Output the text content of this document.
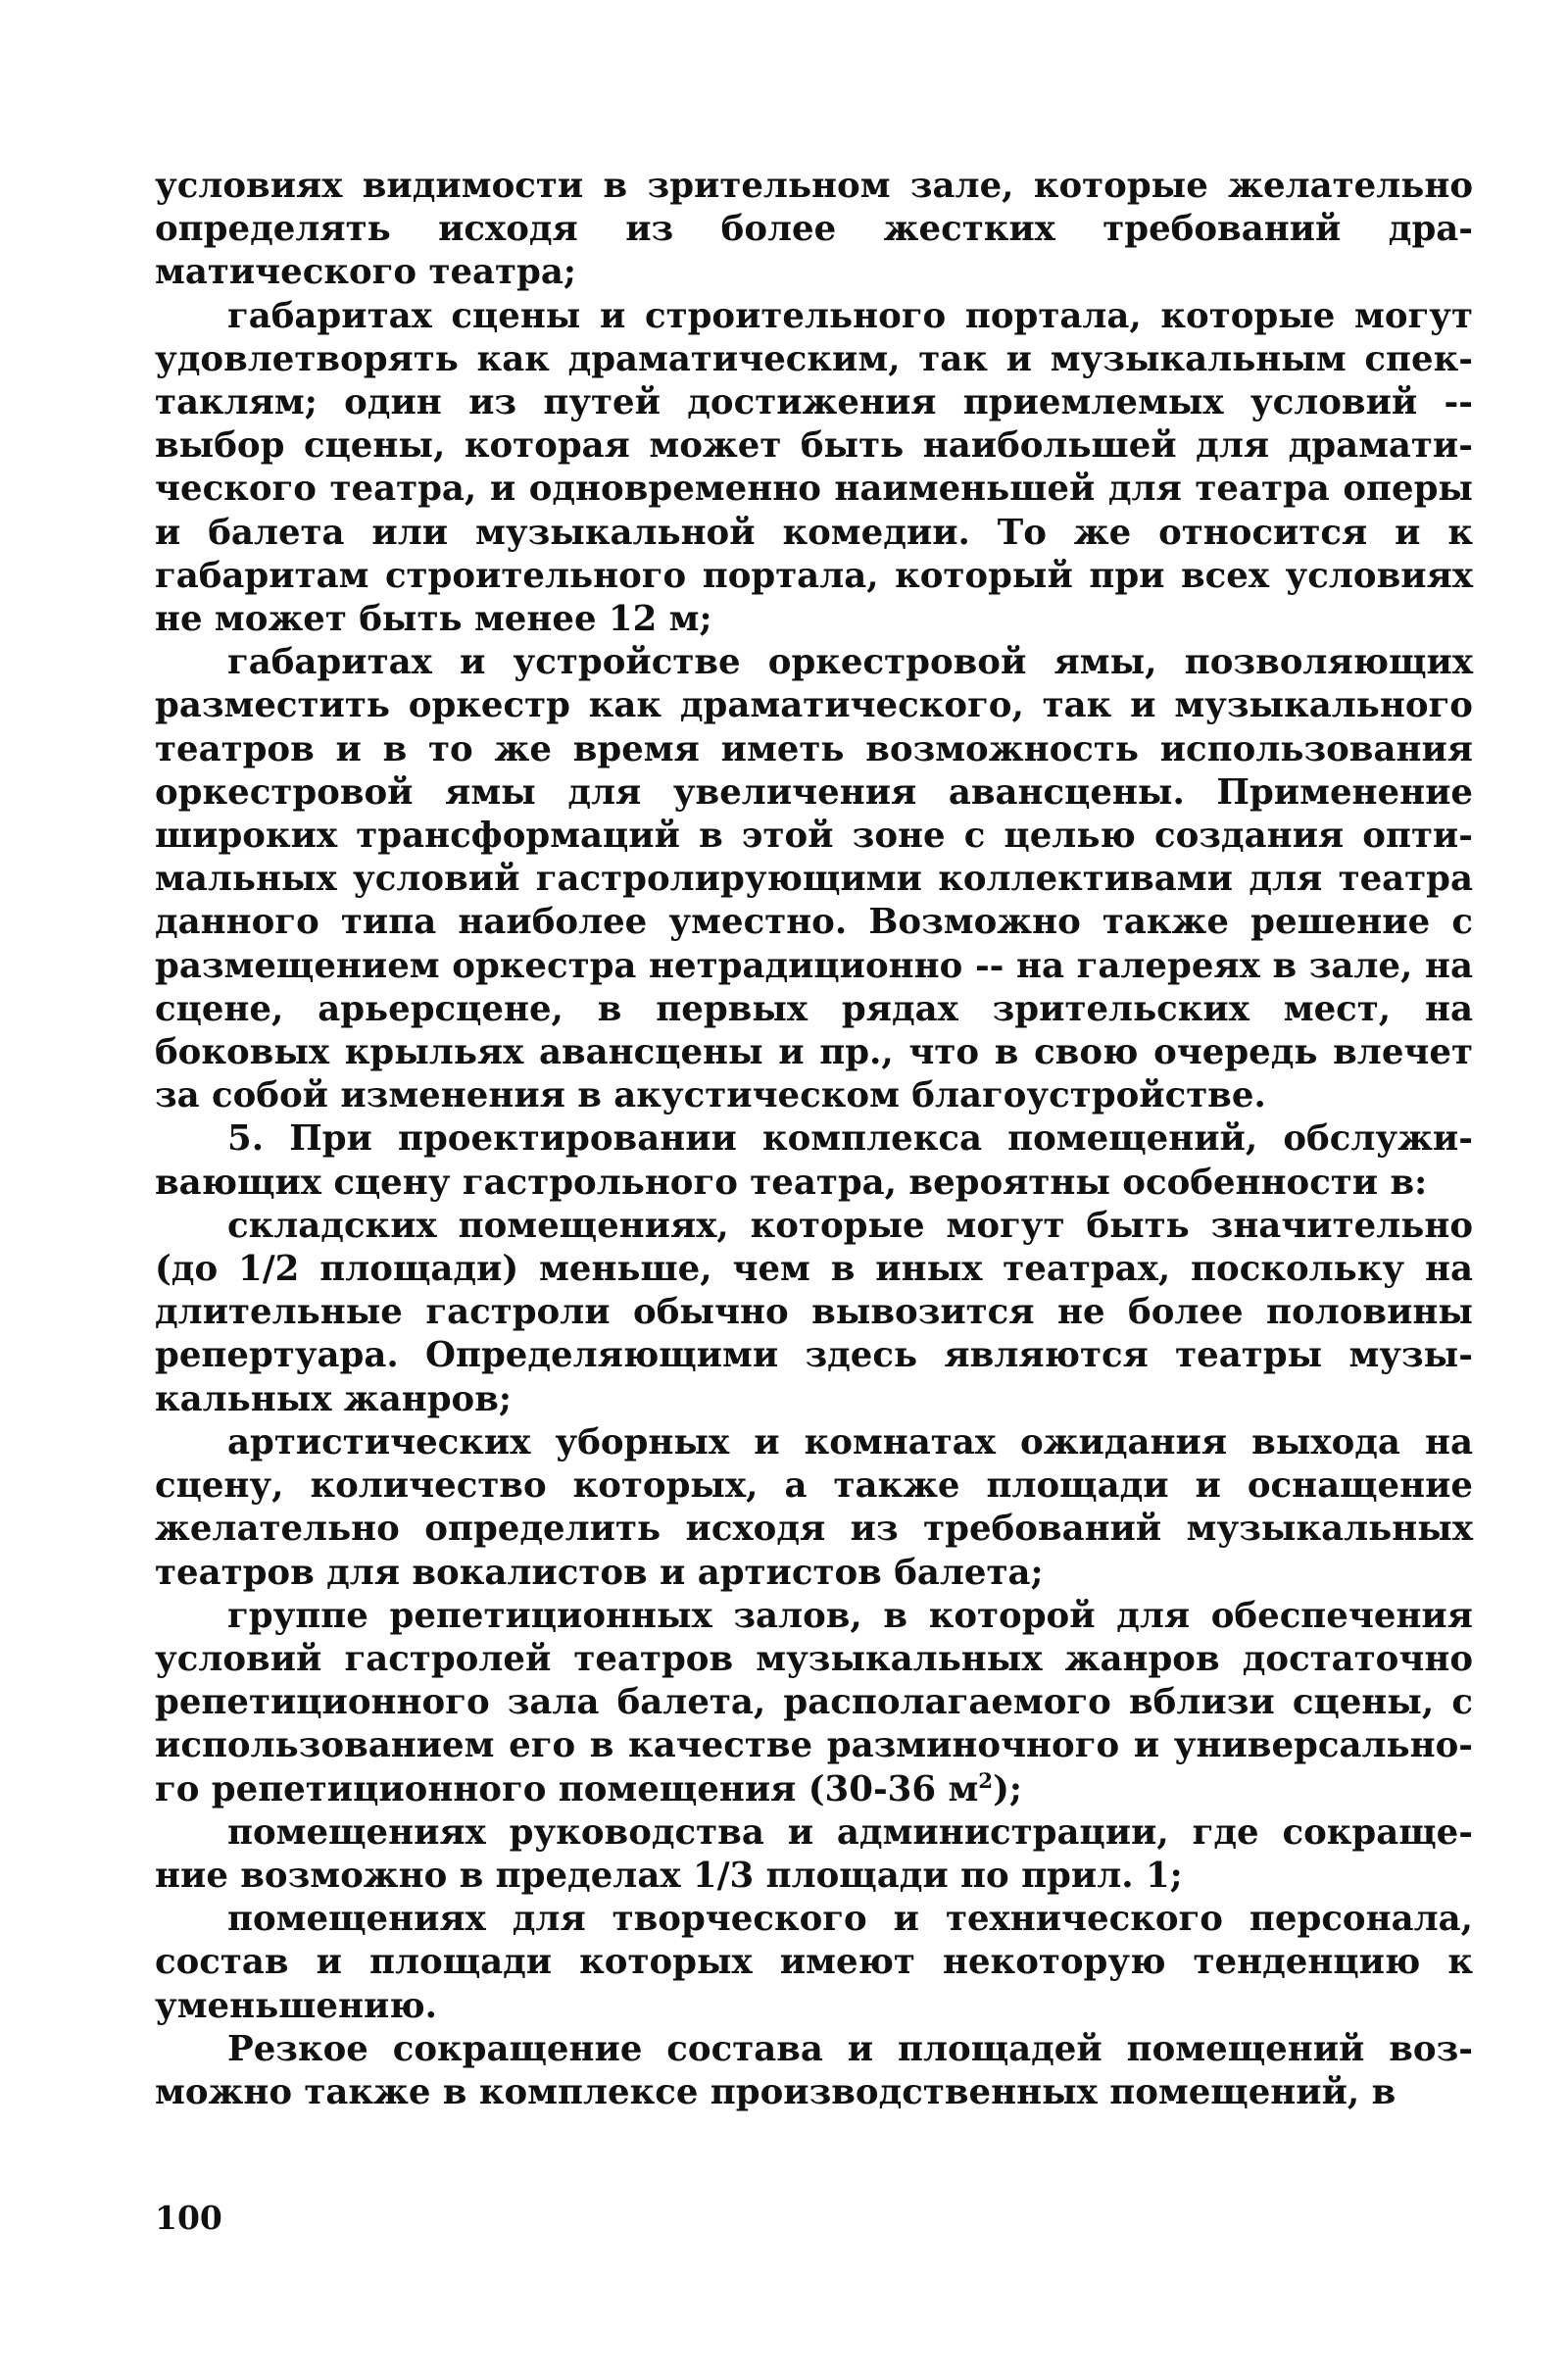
условиях видимости в зрительном зале, которые желательно определять исходя из более жестких требований драматического театра;

габаритах сцены и строительного портала, которые могут удовлетворять как драматическим, так и музыкальным спектаклям; один из путей достижения приемлемых условий -- выбор сцены, которая может быть наибольшей для драматического театра, и одновременно наименьшей для театра оперы и балета или музыкальной комедии. То же относится и к габаритам строительного портала, который при всех условиях не может быть менее 12 м;

габаритах и устройстве оркестровой ямы, позволяющих разместить оркестр как драматического, так и музыкального театров и в то же время иметь возможность использования оркестровой ямы для увеличения авансцены. Применение широких трансформаций в этой зоне с целью создания оптимальных условий гастролирующими коллективами для театра данного типа наиболее уместно. Возможно также решение с размещением оркестра нетрадиционно -- на галереях в зале, на сцене, арьерсцене, в первых рядах зрительских мест, на боковых крыльях авансцены и пр., что в свою очередь влечет за собой изменения в акустическом благоустройстве.

5. При проектировании комплекса помещений, обслуживающих сцену гастрольного театра, вероятны особенности в:

складских помещениях, которые могут быть значительно (до 1/2 площади) меньше, чем в иных театрах, поскольку на длительные гастроли обычно вывозится не более половины репертуара. Определяющими здесь являются театры музыкальных жанров;

артистических уборных и комнатах ожидания выхода на сцену, количество которых, а также площади и оснащение желательно определить исходя из требований музыкальных театров для вокалистов и артистов балета;

группе репетиционных залов, в которой для обеспечения условий гастролей театров музыкальных жанров достаточно репетиционного зала балета, располагаемого вблизи сцены, с использованием его в качестве разминочного и универсального репетиционного помещения (30-36 $м^2$);

помещениях руководства и администрации, где сокращение возможно в пределах 1/3 площади по прил. 1;

помещениях для творческого и технического персонала, состав и площади которых имеют некоторую тенденцию к уменьшению.

Резкое сокращение состава и площадей помещений возможно также в комплексе производственных помещений, в

100
